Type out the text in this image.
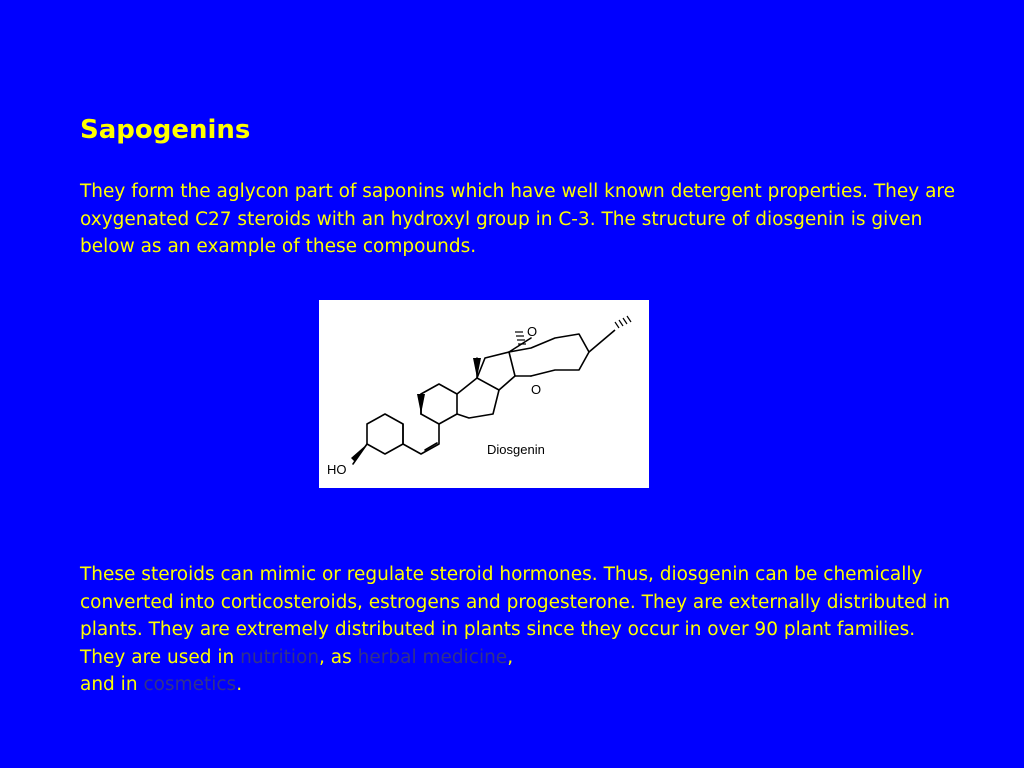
Sapogenins

They form the aglycon part of saponins which have well known detergent properties. They are oxygenated C27 steroids with an hydroxyl group in C-3. The structure of diosgenin is given below as an example of these compounds.

HO
O
O
Diosgenin

These steroids can mimic or regulate steroid hormones. Thus, diosgenin can be chemically converted into corticosteroids, estrogens and progesterone. They are externally distributed in plants. They are extremely distributed in plants since they occur in over 90 plant families. They are used in nutrition, as herbal medicine,
and in cosmetics.
